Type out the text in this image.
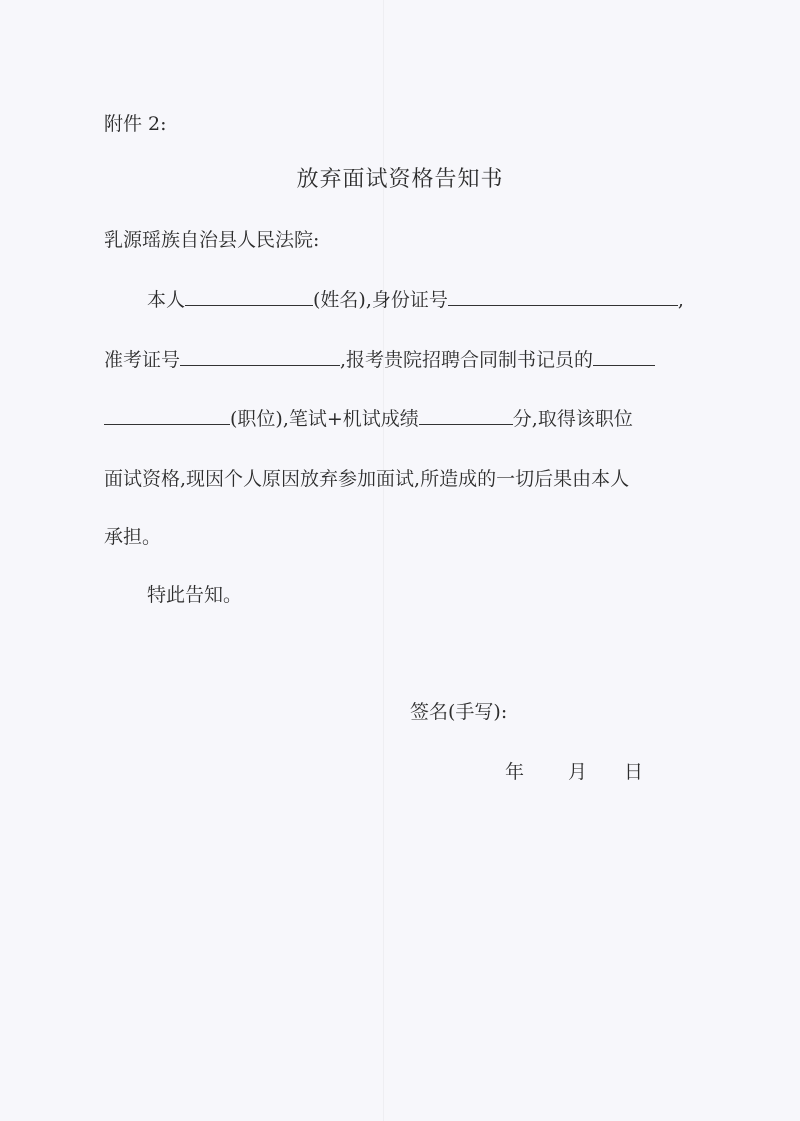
附件 2:
放弃面试资格告知书
乳源瑶族自治县人民法院:
本人	(姓名),身份证号	,
准考证号	,报考贵院招聘合同制书记员的
(职位),笔试+机试成绩	分,取得该职位
面试资格,现因个人原因放弃参加面试,所造成的一切后果由本人
承担。
特此告知。
签名(手写):
年 月 日
